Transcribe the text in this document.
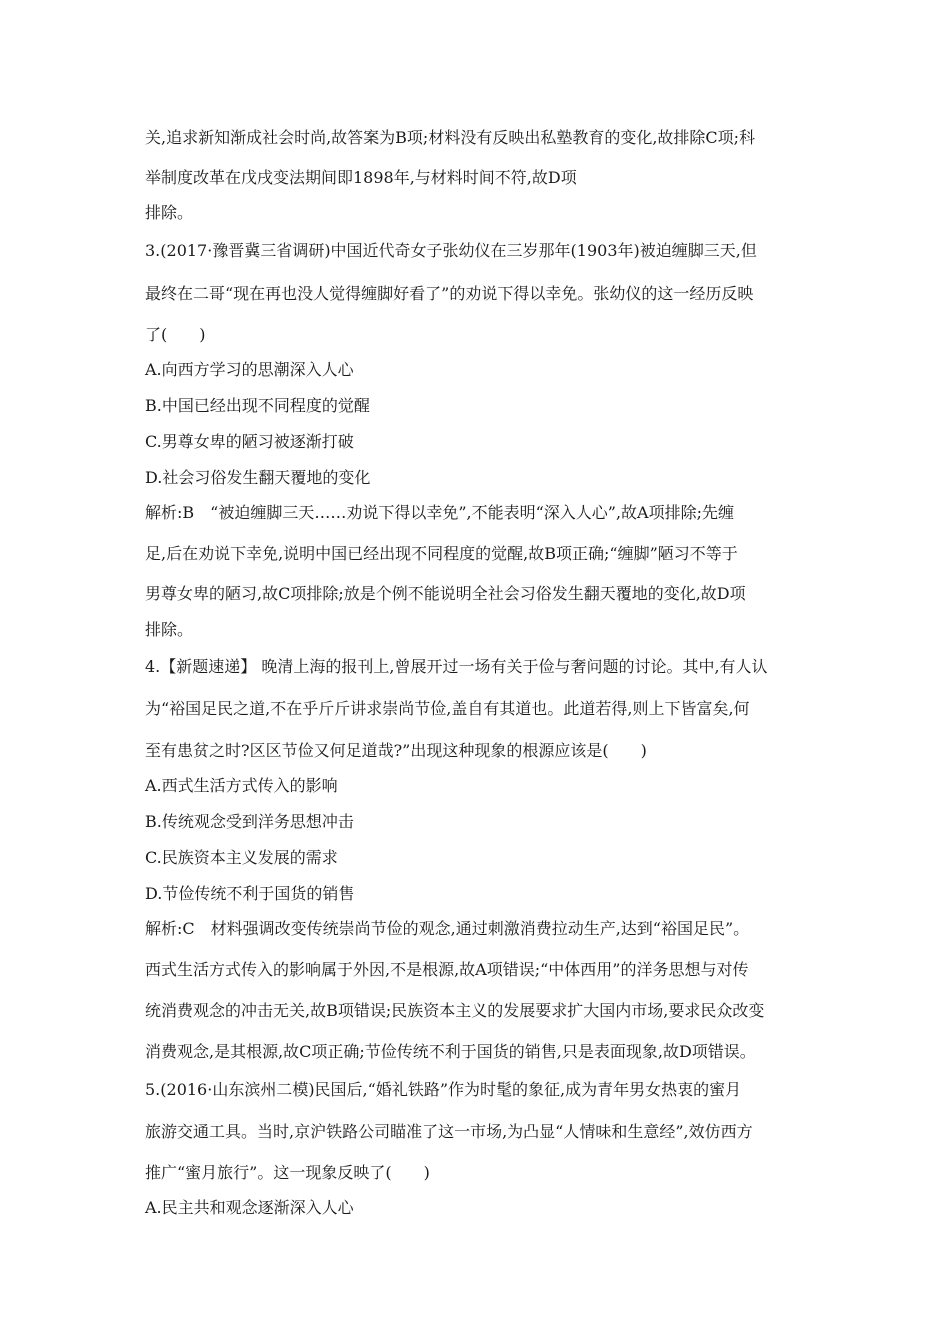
关,追求新知渐成社会时尚,故答案为B项;材料没有反映出私塾教育的变化,故排除C项;科
举制度改革在戊戌变法期间即1898年,与材料时间不符,故D项
排除。
3.(2017·豫晋冀三省调研)中国近代奇女子张幼仪在三岁那年(1903年)被迫缠脚三天,但
最终在二哥“现在再也没人觉得缠脚好看了”的劝说下得以幸免。张幼仪的这一经历反映
了(　　)
A.向西方学习的思潮深入人心
B.中国已经出现不同程度的觉醒
C.男尊女卑的陋习被逐渐打破
D.社会习俗发生翻天覆地的变化
解析:B　“被迫缠脚三天……劝说下得以幸免”,不能表明“深入人心”,故A项排除;先缠
足,后在劝说下幸免,说明中国已经出现不同程度的觉醒,故B项正确;“缠脚”陋习不等于
男尊女卑的陋习,故C项排除;放是个例不能说明全社会习俗发生翻天覆地的变化,故D项
排除。
4.【新题速递】 晚清上海的报刊上,曾展开过一场有关于俭与奢问题的讨论。其中,有人认
为“裕国足民之道,不在乎斤斤讲求崇尚节俭,盖自有其道也。此道若得,则上下皆富矣,何
至有患贫之时?区区节俭又何足道哉?”出现这种现象的根源应该是(　　)
A.西式生活方式传入的影响
B.传统观念受到洋务思想冲击
C.民族资本主义发展的需求
D.节俭传统不利于国货的销售
解析:C　材料强调改变传统崇尚节俭的观念,通过刺激消费拉动生产,达到“裕国足民”。
西式生活方式传入的影响属于外因,不是根源,故A项错误;“中体西用”的洋务思想与对传
统消费观念的冲击无关,故B项错误;民族资本主义的发展要求扩大国内市场,要求民众改变
消费观念,是其根源,故C项正确;节俭传统不利于国货的销售,只是表面现象,故D项错误。
5.(2016·山东滨州二模)民国后,“婚礼铁路”作为时髦的象征,成为青年男女热衷的蜜月
旅游交通工具。当时,京沪铁路公司瞄准了这一市场,为凸显“人情味和生意经”,效仿西方
推广“蜜月旅行”。这一现象反映了(　　)
A.民主共和观念逐渐深入人心
